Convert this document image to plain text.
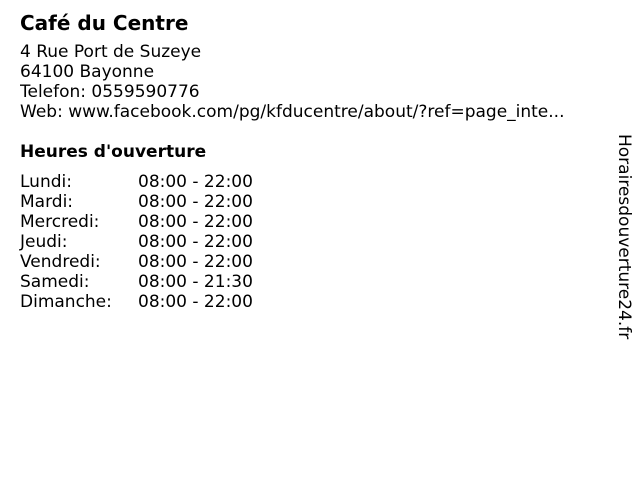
Café du Centre
4 Rue Port de Suzeye
64100 Bayonne
Telefon: 0559590776
Web: www.facebook.com/pg/kfducentre/about/?ref=page_inte...
Heures d'ouverture
Lundi:	08:00 - 22:00
Mardi:	08:00 - 22:00
Mercredi:	08:00 - 22:00
Jeudi:	08:00 - 22:00
Vendredi:	08:00 - 22:00
Samedi:	08:00 - 21:30
Dimanche:	08:00 - 22:00	Horairesdouverture24.fr
